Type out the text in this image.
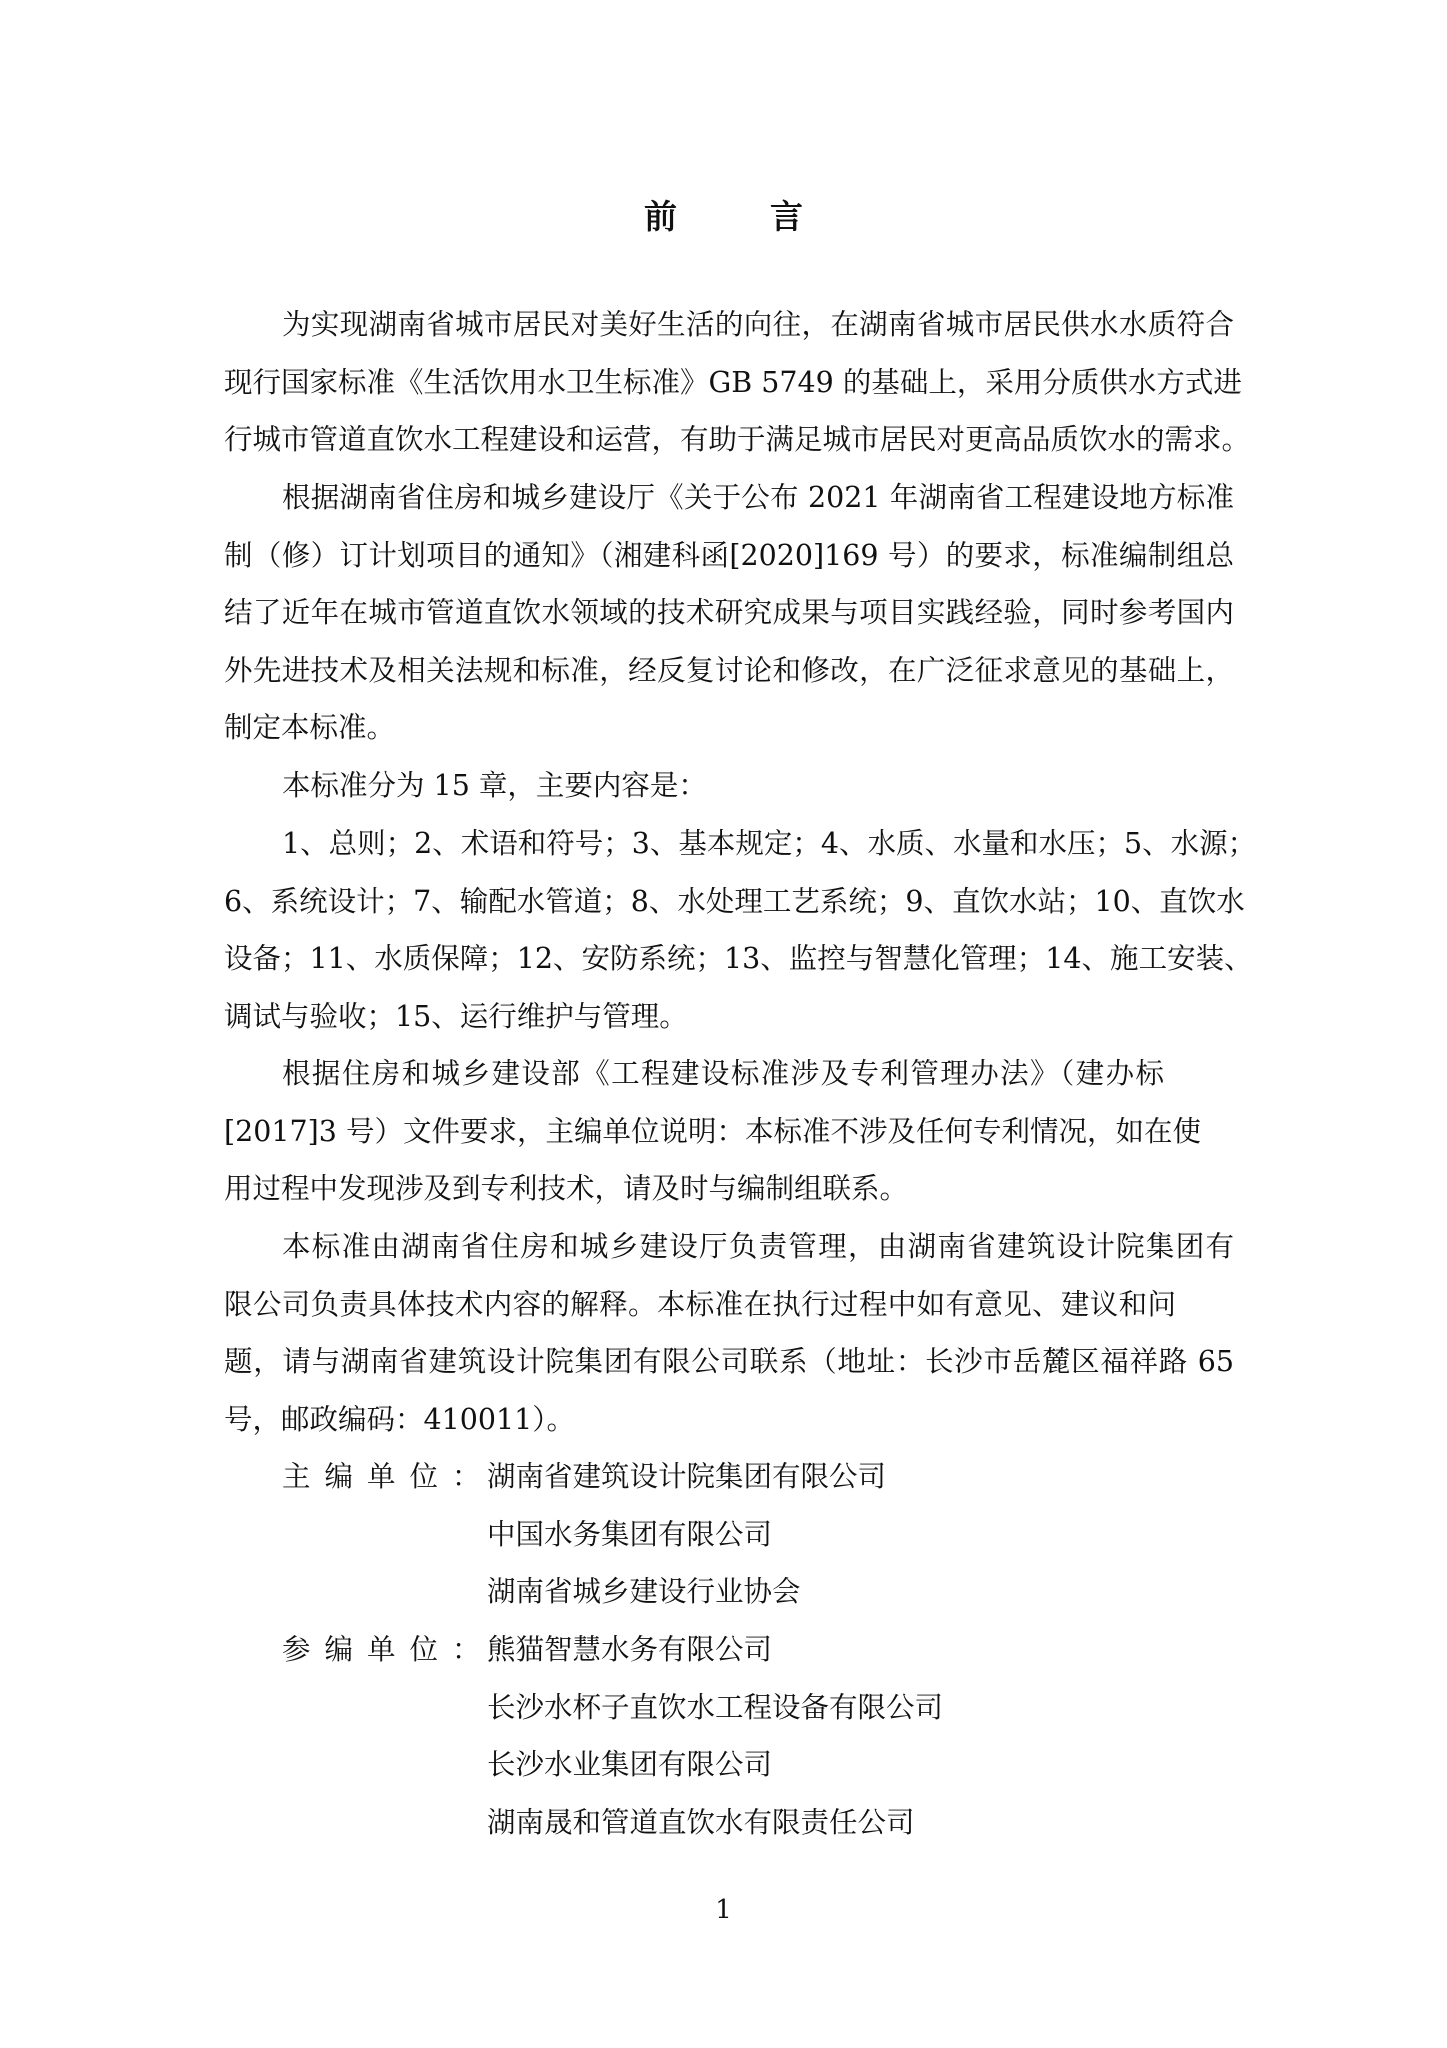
前　言
为实现湖南省城市居民对美好生活的向往，在湖南省城市居民供水水质符合
现行国家标准《生活饮用水卫生标准》GB 5749 的基础上，采用分质供水方式进
行城市管道直饮水工程建设和运营，有助于满足城市居民对更高品质饮水的需求。
根据湖南省住房和城乡建设厅《关于公布 2021 年湖南省工程建设地方标准
制（修）订计划项目的通知》（湘建科函[2020]169 号）的要求，标准编制组总
结了近年在城市管道直饮水领域的技术研究成果与项目实践经验，同时参考国内
外先进技术及相关法规和标准，经反复讨论和修改，在广泛征求意见的基础上，
制定本标准。
本标准分为 15 章，主要内容是：
1、总则；2、术语和符号；3、基本规定；4、水质、水量和水压；5、水源；
6、系统设计；7、输配水管道；8、水处理工艺系统；9、直饮水站；10、直饮水
设备；11、水质保障；12、安防系统；13、监控与智慧化管理；14、施工安装、
调试与验收；15、运行维护与管理。
根据住房和城乡建设部《工程建设标准涉及专利管理办法》（建办标
[2017]3 号）文件要求，主编单位说明：本标准不涉及任何专利情况，如在使
用过程中发现涉及到专利技术，请及时与编制组联系。
本标准由湖南省住房和城乡建设厅负责管理，由湖南省建筑设计院集团有
限公司负责具体技术内容的解释。本标准在执行过程中如有意见、建议和问
题，请与湖南省建筑设计院集团有限公司联系（地址：长沙市岳麓区福祥路 65
号，邮政编码：410011）。
主编单位：
湖南省建筑设计院集团有限公司
中国水务集团有限公司
湖南省城乡建设行业协会
参编单位：
熊猫智慧水务有限公司
长沙水杯子直饮水工程设备有限公司
长沙水业集团有限公司
湖南晟和管道直饮水有限责任公司
1
